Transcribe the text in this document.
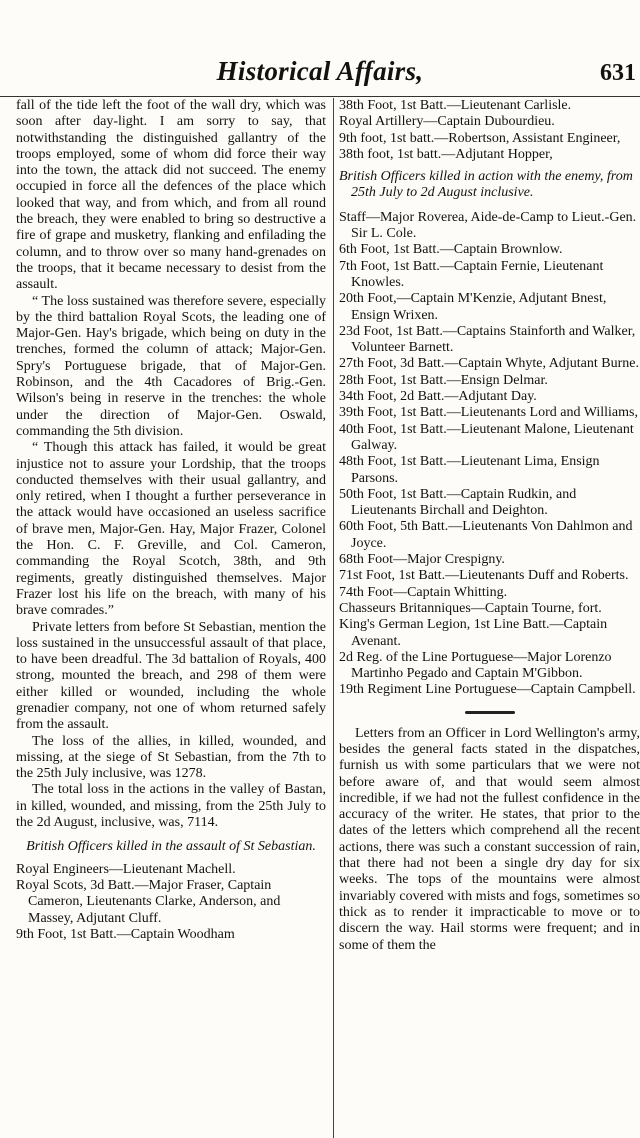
Historical Affairs,	631

fall of the tide left the foot of the wall dry, which was soon after day-light. I am sorry to say, that notwithstanding the distinguished gallantry of the troops employed, some of whom did force their way into the town, the attack did not succeed. The enemy occupied in force all the defences of the place which looked that way, and from which, and from all round the breach, they were enabled to bring so destructive a fire of grape and musketry, flanking and enfilading the column, and to throw over so many hand-grenades on the troops, that it became necessary to desist from the assault.

“ The loss sustained was therefore severe, especially by the third battalion Royal Scots, the leading one of Major-Gen. Hay's brigade, which being on duty in the trenches, formed the column of attack; Major-Gen. Spry's Portuguese brigade, that of Major-Gen. Robinson, and the 4th Cacadores of Brig.-Gen. Wilson's being in reserve in the trenches: the whole under the direction of Major-Gen. Oswald, commanding the 5th division.

“ Though this attack has failed, it would be great injustice not to assure your Lordship, that the troops conducted themselves with their usual gallantry, and only retired, when I thought a further perseverance in the attack would have occasioned an useless sacrifice of brave men, Major-Gen. Hay, Major Frazer, Colonel the Hon. C. F. Greville, and Col. Cameron, commanding the Royal Scotch, 38th, and 9th regiments, greatly distinguished themselves. Major Frazer lost his life on the breach, with many of his brave comrades.”

Private letters from before St Sebastian, mention the loss sustained in the unsuccessful assault of that place, to have been dreadful. The 3d battalion of Royals, 400 strong, mounted the breach, and 298 of them were either killed or wounded, including the whole grenadier company, not one of whom returned safely from the assault.

The loss of the allies, in killed, wounded, and missing, at the siege of St Sebastian, from the 7th to the 25th July inclusive, was 1278.

The total loss in the actions in the valley of Bastan, in killed, wounded, and missing, from the 25th July to the 2d August, inclusive, was, 7114.

British Officers killed in the assault of St Sebastian.

Royal Engineers—Lieutenant Machell.

Royal Scots, 3d Batt.—Major Fraser, Captain Cameron, Lieutenants Clarke, Anderson, and Massey, Adjutant Cluff.

9th Foot, 1st Batt.—Captain Woodham

38th Foot, 1st Batt.—Lieutenant Carlisle.

Royal Artillery—Captain Dubourdieu.

9th foot, 1st batt.—Robertson, Assistant Engineer,

38th foot, 1st batt.—Adjutant Hopper,

British Officers killed in action with the enemy, from 25th July to 2d August inclusive.

Staff—Major Roverea, Aide-de-Camp to Lieut.-Gen. Sir L. Cole.

6th Foot, 1st Batt.—Captain Brownlow.

7th Foot, 1st Batt.—Captain Fernie, Lieutenant Knowles.

20th Foot,—Captain M'Kenzie, Adjutant Bnest, Ensign Wrixen.

23d Foot, 1st Batt.—Captains Stainforth and Walker, Volunteer Barnett.

27th Foot, 3d Batt.—Captain Whyte, Adjutant Burne.

28th Foot, 1st Batt.—Ensign Delmar.

34th Foot, 2d Batt.—Adjutant Day.

39th Foot, 1st Batt.—Lieutenants Lord and Williams,

40th Foot, 1st Batt.—Lieutenant Malone, Lieutenant Galway.

48th Foot, 1st Batt.—Lieutenant Lima, Ensign Parsons.

50th Foot, 1st Batt.—Captain Rudkin, and Lieutenants Birchall and Deighton.

60th Foot, 5th Batt.—Lieutenants Von Dahlmon and Joyce.

68th Foot—Major Crespigny.

71st Foot, 1st Batt.—Lieutenants Duff and Roberts.

74th Foot—Captain Whitting.

Chasseurs Britanniques—Captain Tourne, fort.

King's German Legion, 1st Line Batt.—Captain Avenant.

2d Reg. of the Line Portuguese—Major Lorenzo Martinho Pegado and Captain M'Gibbon.

19th Regiment Line Portuguese—Captain Campbell.

Letters from an Officer in Lord Wellington's army, besides the general facts stated in the dispatches, furnish us with some particulars that we were not before aware of, and that would seem almost incredible, if we had not the fullest confidence in the accuracy of the writer. He states, that prior to the dates of the letters which comprehend all the recent actions, there was such a constant succession of rain, that there had not been a single dry day for six weeks. The tops of the mountains were almost invariably covered with mists and fogs, sometimes so thick as to render it impracticable to move or to discern the way. Hail storms were frequent; and in some of them the
